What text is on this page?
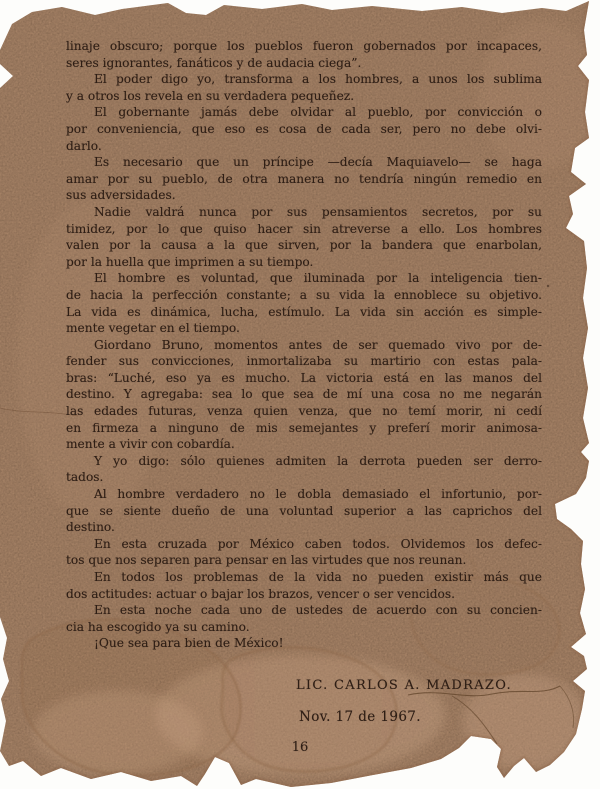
linaje obscuro; porque los pueblos fueron gobernados por incapaces,
seres ignorantes, fanáticos y de audacia ciega”.
El poder digo yo, transforma a los hombres, a unos los sublima
y a otros los revela en su verdadera pequeñez.
El gobernante jamás debe olvidar al pueblo, por convicción o
por conveniencia, que eso es cosa de cada ser, pero no debe olvi-
darlo.
Es necesario que un príncipe —decía Maquiavelo— se haga
amar por su pueblo, de otra manera no tendría ningún remedio en
sus adversidades.
Nadie valdrá nunca por sus pensamientos secretos, por su
timidez, por lo que quiso hacer sin atreverse a ello. Los hombres
valen por la causa a la que sirven, por la bandera que enarbolan,
por la huella que imprimen a su tiempo.
El hombre es voluntad, que iluminada por la inteligencia tien-
de hacia la perfección constante; a su vida la ennoblece su objetivo.
La vida es dinámica, lucha, estímulo. La vida sin acción es simple-
mente vegetar en el tiempo.
Giordano Bruno, momentos antes de ser quemado vivo por de-
fender sus convicciones, inmortalizaba su martirio con estas pala-
bras: “Luché, eso ya es mucho. La victoria está en las manos del
destino. Y agregaba: sea lo que sea de mí una cosa no me negarán
las edades futuras, venza quien venza, que no temí morir, ni cedí
en firmeza a ninguno de mis semejantes y preferí morir animosa-
mente a vivir con cobardía.
Y yo digo: sólo quienes admiten la derrota pueden ser derro-
tados.
Al hombre verdadero no le dobla demasiado el infortunio, por-
que se siente dueño de una voluntad superior a las caprichos del
destino.
En esta cruzada por México caben todos. Olvidemos los defec-
tos que nos separen para pensar en las virtudes que nos reunan.
En todos los problemas de la vida no pueden existir más que
dos actitudes: actuar o bajar los brazos, vencer o ser vencidos.
En esta noche cada uno de ustedes de acuerdo con su concien-
cia ha escogido ya su camino.
¡Que sea para bien de México!
LIC. CARLOS A. MADRAZO.
Nov. 17 de 1967.
16
